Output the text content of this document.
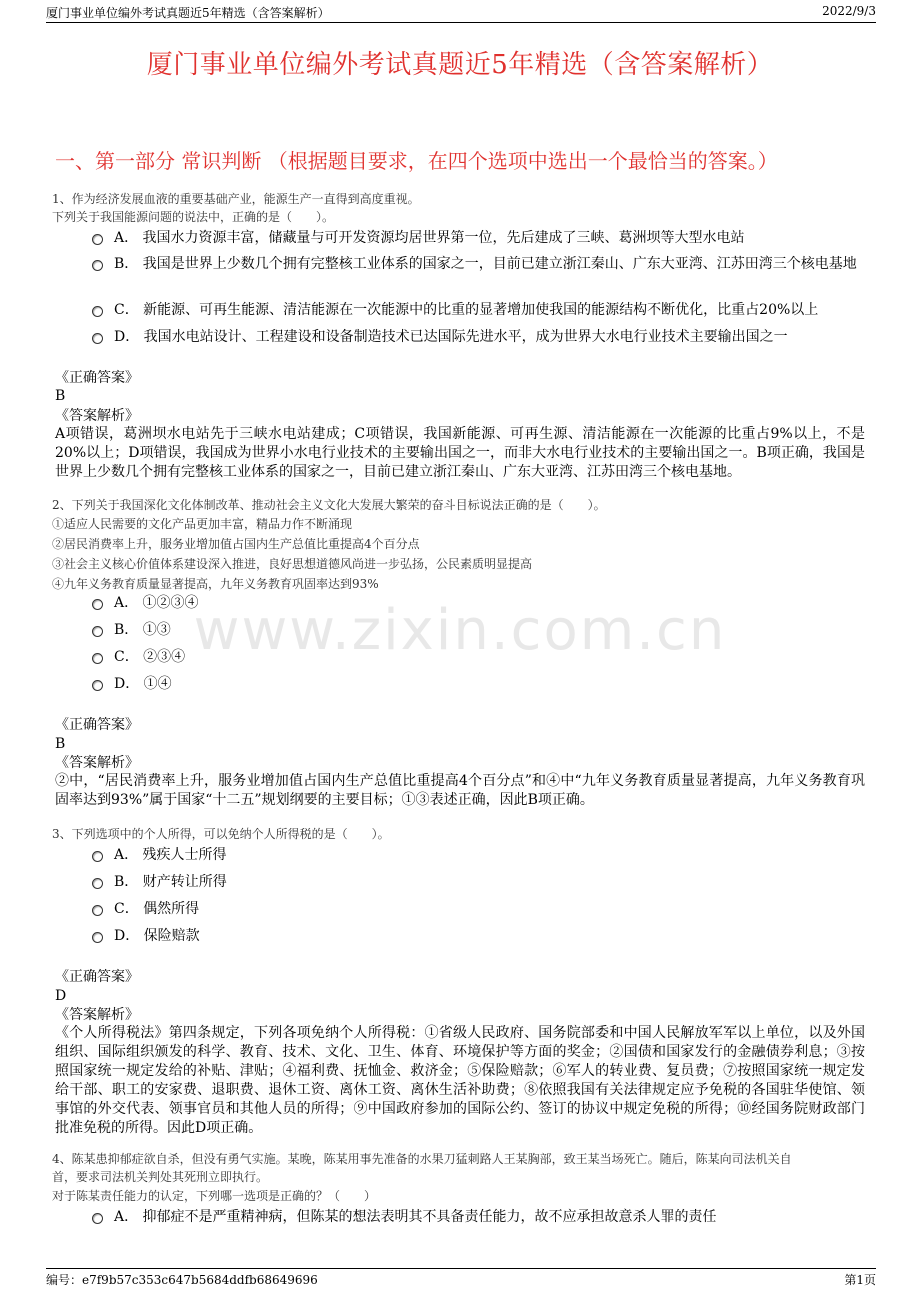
厦门事业单位编外考试真题近5年精选（含答案解析）	2022/9/3
厦门事业单位编外考试真题近5年精选（含答案解析）
一、第一部分 常识判断 （根据题目要求，在四个选项中选出一个最恰当的答案。）
www.zixin.com.cn
1、作为经济发展血液的重要基础产业，能源生产一直得到高度重视。
下列关于我国能源问题的说法中，正确的是（　　）。
A． 我国水力资源丰富，储藏量与可开发资源均居世界第一位，先后建成了三峡、葛洲坝等大型水电站
B． 我国是世界上少数几个拥有完整核工业体系的国家之一，目前已建立浙江秦山、广东大亚湾、江苏田湾三个核电基地
C． 新能源、可再生能源、清洁能源在一次能源中的比重的显著增加使我国的能源结构不断优化，比重占20%以上
D． 我国水电站设计、工程建设和设备制造技术已达国际先进水平，成为世界大水电行业技术主要输出国之一
《正确答案》
B
《答案解析》
A项错误，葛洲坝水电站先于三峡水电站建成；C项错误，我国新能源、可再生源、清洁能源在一次能源的比重占9%以上，不是20%以上；D项错误，我国成为世界小水电行业技术的主要输出国之一，而非大水电行业技术的主要输出国之一。B项正确，我国是世界上少数几个拥有完整核工业体系的国家之一，目前已建立浙江秦山、广东大亚湾、江苏田湾三个核电基地。
2、下列关于我国深化文化体制改革、推动社会主义文化大发展大繁荣的奋斗目标说法正确的是（　　）。
①适应人民需要的文化产品更加丰富，精品力作不断涌现
②居民消费率上升，服务业增加值占国内生产总值比重提高4个百分点
③社会主义核心价值体系建设深入推进，良好思想道德风尚进一步弘扬，公民素质明显提高
④九年义务教育质量显著提高，九年义务教育巩固率达到93%
A． ①②③④
B． ①③
C． ②③④
D． ①④
《正确答案》
B
《答案解析》
②中，“居民消费率上升，服务业增加值占国内生产总值比重提高4个百分点”和④中“九年义务教育质量显著提高，九年义务教育巩固率达到93%”属于国家“十二五”规划纲要的主要目标；①③表述正确，因此B项正确。
3、下列选项中的个人所得，可以免纳个人所得税的是（　　）。
A． 残疾人士所得
B． 财产转让所得
C． 偶然所得
D． 保险赔款
《正确答案》
D
《答案解析》
《个人所得税法》第四条规定，下列各项免纳个人所得税：①省级人民政府、国务院部委和中国人民解放军军以上单位，以及外国组织、国际组织颁发的科学、教育、技术、文化、卫生、体育、环境保护等方面的奖金；②国债和国家发行的金融债券利息；③按照国家统一规定发给的补贴、津贴；④福利费、抚恤金、救济金；⑤保险赔款；⑥军人的转业费、复员费；⑦按照国家统一规定发给干部、职工的安家费、退职费、退休工资、离休工资、离休生活补助费；⑧依照我国有关法律规定应予免税的各国驻华使馆、领事馆的外交代表、领事官员和其他人员的所得；⑨中国政府参加的国际公约、签订的协议中规定免税的所得；⑩经国务院财政部门批准免税的所得。因此D项正确。
4、陈某患抑郁症欲自杀，但没有勇气实施。某晚，陈某用事先准备的水果刀猛刺路人王某胸部，致王某当场死亡。随后，陈某向司法机关自
首，要求司法机关判处其死刑立即执行。
对于陈某责任能力的认定，下列哪一选项是正确的？（　　）
A． 抑郁症不是严重精神病，但陈某的想法表明其不具备责任能力，故不应承担故意杀人罪的责任
编号：e7f9b57c353c647b5684ddfb68649696	第1页
